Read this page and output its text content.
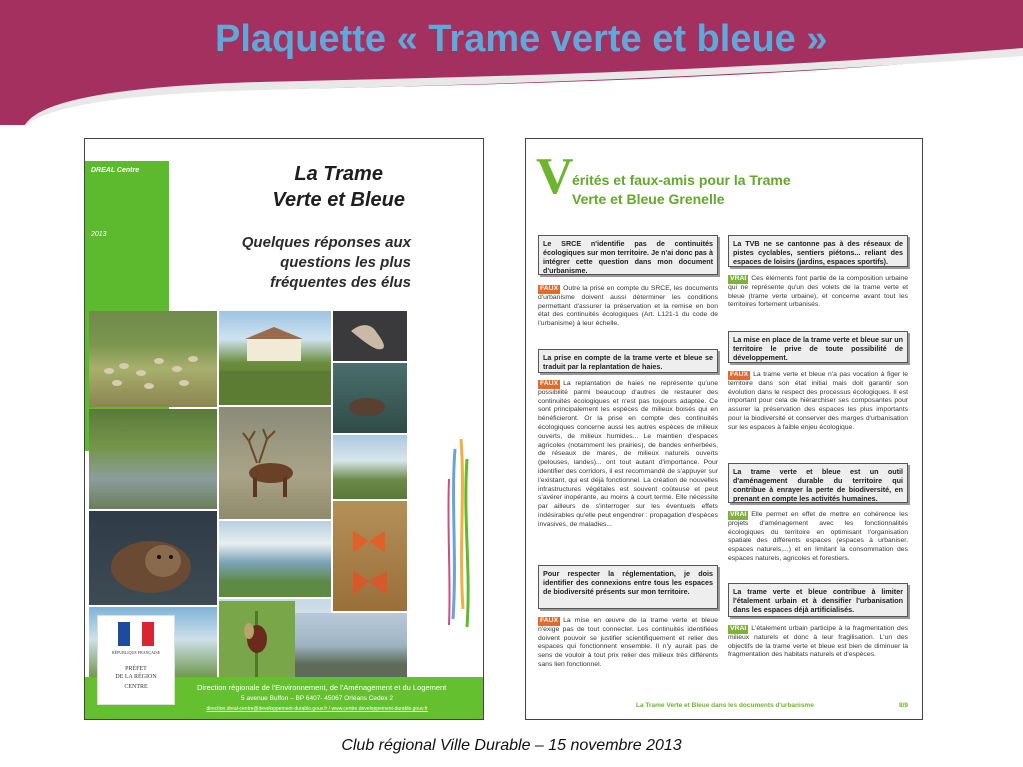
Plaquette « Trame verte et bleue »
DREAL Centre
2013
La Trame
Verte et Bleue
Quelques réponses aux
questions les plus
fréquentes des élus
Direction régionale de l'Environnement, de l'Aménagement et du Logement
5 avenue Buffon – BP 6407- 45067 Orléans Cedex 2
direction.dreal-centre@developpement-durable.gouv.fr / www.centre.developpement-durable.gouv.fr
RÉPUBLIQUE FRANÇAISE
PRÉFET
DE LA RÉGION
CENTRE
V
érités et faux-amis pour la Trame
Verte et Bleue Grenelle
Le SRCE n'identifie pas de continuités écologiques sur mon territoire. Je n'ai donc pas à intégrer cette question dans mon document d'urbanisme.
FAUX Outre la prise en compte du SRCE, les documents d'urbanisme doivent aussi déterminer les conditions permettant d'assurer la préservation et la remise en bon état des continuités écologiques (Art. L121-1 du code de l'urbanisme) à leur échelle.
La prise en compte de la trame verte et bleue se traduit par la replantation de haies.
FAUX La replantation de haies ne représente qu'une possibilité parmi beaucoup d'autres de restaurer des continuités écologiques et n'est pas toujours adaptée. Ce sont principalement les espèces de milieux boisés qui en bénéficieront. Or la prise en compte des continuités écologiques concerne aussi les autres espèces de milieux ouverts, de milieux humides... Le maintien d'espaces agricoles (notamment les prairies), de bandes enherbées, de réseaux de mares, de milieux naturels ouverts (pelouses, landes)... ont tout autant d'importance. Pour identifier des corridors, il est recommandé de s'appuyer sur l'existant, qui est déjà fonctionnel. La création de nouvelles infrastructures végétales est souvent coûteuse et peut s'avérer inopérante, au moins à court terme. Elle nécessite par ailleurs de s'interroger sur les éventuels effets indésirables qu'elle peut engendrer : propagation d'espèces invasives, de maladies...
Pour respecter la réglementation, je dois identifier des connexions entre tous les espaces de biodiversité présents sur mon territoire.
FAUX La mise en œuvre de la trame verte et bleue n'exige pas de tout connecter. Les continuités identifiées doivent pouvoir se justifier scientifiquement et relier des espaces qui fonctionnent ensemble. Il n'y aurait pas de sens de vouloir à tout prix relier des milieux très différents sans lien fonctionnel.
La TVB ne se cantonne pas à des réseaux de pistes cyclables, sentiers piétons... reliant des espaces de loisirs (jardins, espaces sportifs).
VRAI Ces éléments font partie de la composition urbaine qui ne représente qu'un des volets de la trame verte et bleue (trame verte urbaine), et concerne avant tout les territoires fortement urbanisés.
La mise en place de la trame verte et bleue sur un territoire le prive de toute possibilité de développement.
FAUX La trame verte et bleue n'a pas vocation à figer le territoire dans son état initial mais doit garantir son évolution dans le respect des processus écologiques. Il est important pour cela de hiérarchiser ses composantes pour assurer la préservation des espaces les plus importants pour la biodiversité et conserver des marges d'urbanisation sur les espaces à faible enjeu écologique.
La trame verte et bleue est un outil d'aménagement durable du territoire qui contribue à enrayer la perte de biodiversité, en prenant en compte les activités humaines.
VRAI Elle permet en effet de mettre en cohérence les projets d'aménagement avec les fonctionnalités écologiques du territoire en optimisant l'organisation spatiale des différents espaces (espaces à urbaniser, espaces naturels,...) et en limitant la consommation des espaces naturels, agricoles et forestiers.
La trame verte et bleue contribue à limiter l'étalement urbain et à densifier l'urbanisation dans les espaces déjà artificialisés.
VRAI L'étalement urbain participe à la fragmentation des milieux naturels et donc à leur fragilisation. L'un des objectifs de la trame verte et bleue est bien de diminuer la fragmentation des habitats naturels et d'espèces.
La Trame Verte et Bleue dans les documents d'urbanisme	8/9
Club régional Ville Durable – 15 novembre 2013
